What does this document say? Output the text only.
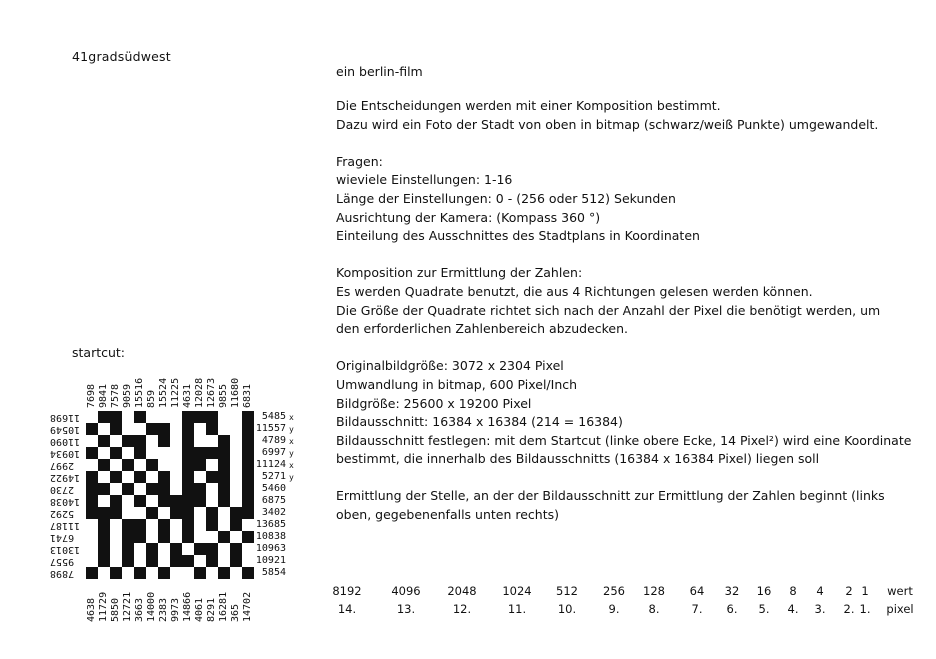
41gradsüdwest
ein berlin-film

Die Entscheidungen werden mit einer Komposition bestimmt.
Dazu wird ein Foto der Stadt von oben in bitmap (schwarz/weiß Punkte) umgewandelt.

Fragen:
wieviele Einstellungen: 1-16
Länge der Einstellungen: 0 - (256 oder 512) Sekunden
Ausrichtung der Kamera: (Kompass 360 °)
Einteilung des Ausschnittes des Stadtplans in Koordinaten

Komposition zur Ermittlung der Zahlen:
Es werden Quadrate benutzt, die aus 4 Richtungen gelesen werden können.
Die Größe der Quadrate richtet sich nach der Anzahl der Pixel die benötigt werden, um
den erforderlichen Zahlenbereich abzudecken.

Originalbildgröße: 3072 x 2304 Pixel
Umwandlung in bitmap, 600 Pixel/Inch
Bildgröße: 25600 x 19200 Pixel
Bildausschnitt: 16384 x 16384 (214 = 16384)
Bildausschnitt festlegen: mit dem Startcut (linke obere Ecke, 14 Pixel²) wird eine Koordinate
bestimmt, die innerhalb des Bildausschnitts (16384 x 16384 Pixel) liegen soll

Ermittlung der Stelle, an der der Bildausschnitt zur Ermittlung der Zahlen beginnt (links
oben, gegebenenfalls unten rechts)

startcut:
7698 9841 7578 9059 15516 859 15524 11225 4631 12028 12673 9855 11680 6831
4638 11729 5850 12721 3663 14000 2383 9973 14866 4061 8291 16281 365 14702
11698
10549
11090
10934
2997
14922
2730
14038
5292
11187
6741
13013
9557
7898
5485
11557
4789
6997
11124
5271
5460
6875
3402
13685
10838
10963
10921
5854
x
y
x
y
x
y
8192
14.
4096
13.
2048
12.
1024
11.
512
10.
256
9.
128
8.
64
7.
32
6.
16
5.
8
4.
4
3.
2
2.
1
1.
wert
pixel
